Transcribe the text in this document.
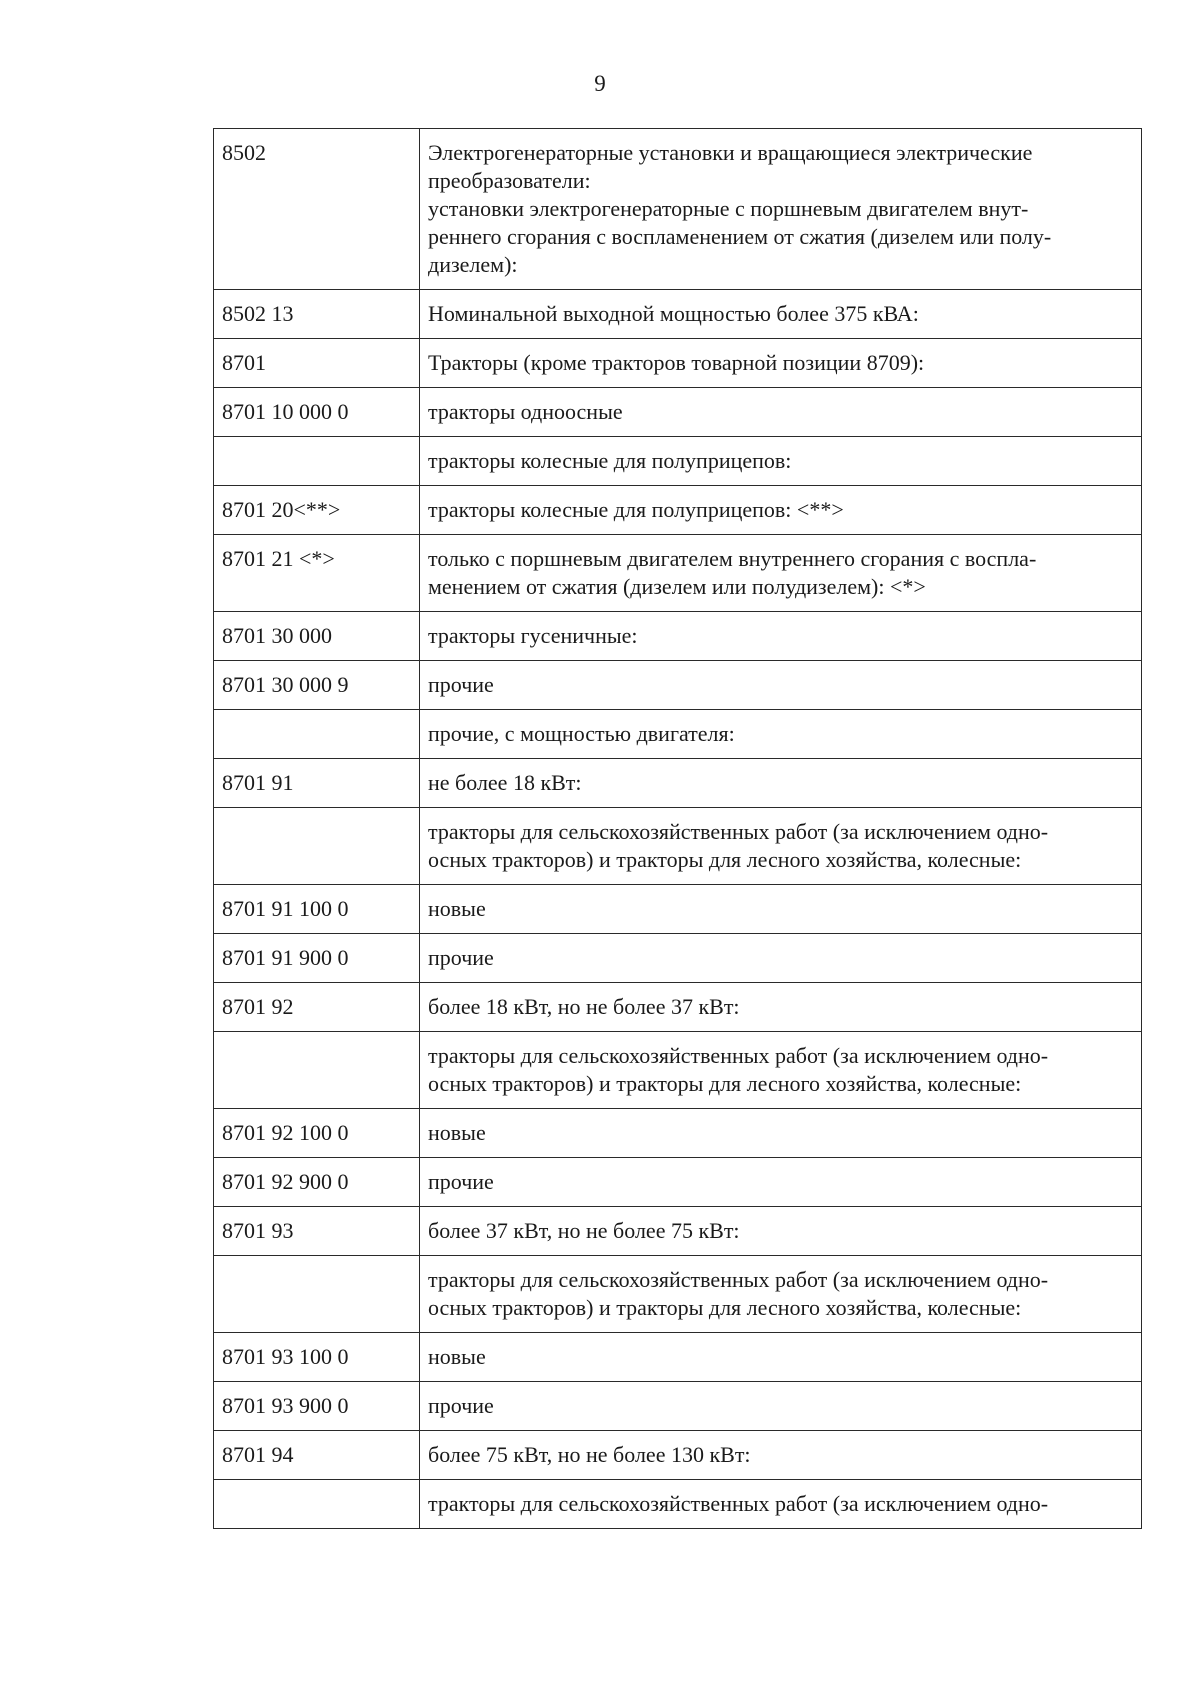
9
8502	Электрогенераторные установки и вращающиеся электрические
преобразователи:
установки электрогенераторные с поршневым двигателем внут-
реннего сгорания с воспламенением от сжатия (дизелем или полу-
дизелем):

8502 13	Номинальной выходной мощностью более 375 кВА:

8701	Тракторы (кроме тракторов товарной позиции 8709):

8701 10 000 0	тракторы одноосные

	тракторы колесные для полуприцепов:

8701 20<**>	тракторы колесные для полуприцепов: <**>

8701 21 <*>	только с поршневым двигателем внутреннего сгорания с воспла-
менением от сжатия (дизелем или полудизелем): <*>

8701 30 000	тракторы гусеничные:

8701 30 000 9	прочие

	прочие, с мощностью двигателя:

8701 91	не более 18 кВт:

	тракторы для сельскохозяйственных работ (за исключением одно-
осных тракторов) и тракторы для лесного хозяйства, колесные:

8701 91 100 0	новые

8701 91 900 0	прочие

8701 92	более 18 кВт, но не более 37 кВт:

	тракторы для сельскохозяйственных работ (за исключением одно-
осных тракторов) и тракторы для лесного хозяйства, колесные:

8701 92 100 0	новые

8701 92 900 0	прочие

8701 93	более 37 кВт, но не более 75 кВт:

	тракторы для сельскохозяйственных работ (за исключением одно-
осных тракторов) и тракторы для лесного хозяйства, колесные:

8701 93 100 0	новые

8701 93 900 0	прочие

8701 94	более 75 кВт, но не более 130 кВт:

	тракторы для сельскохозяйственных работ (за исключением одно-
